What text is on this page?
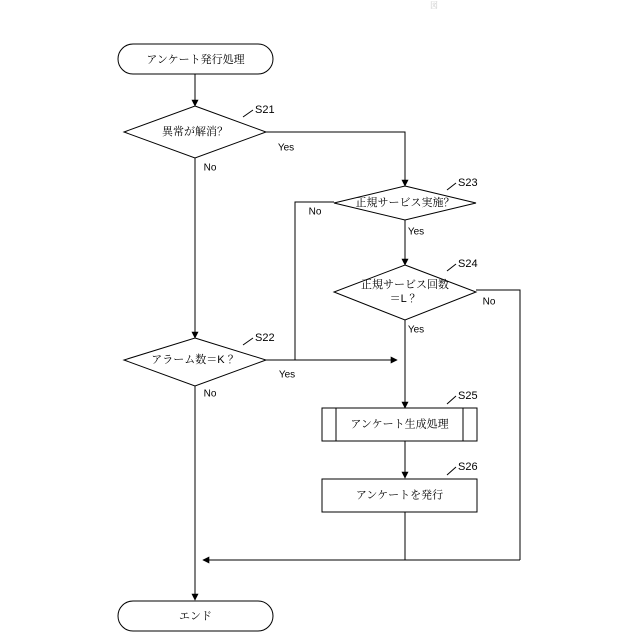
図　　　　　
アンケート発行処理
異常が解消？
S21
Yes
No
正規サービス実施？
S23
No
Yes
正規サービス回数
＝L ？
S24
Yes
No
アラーム数＝K ？
S22
Yes
No
アンケート生成処理
S25
アンケートを発行
S26
エンド
